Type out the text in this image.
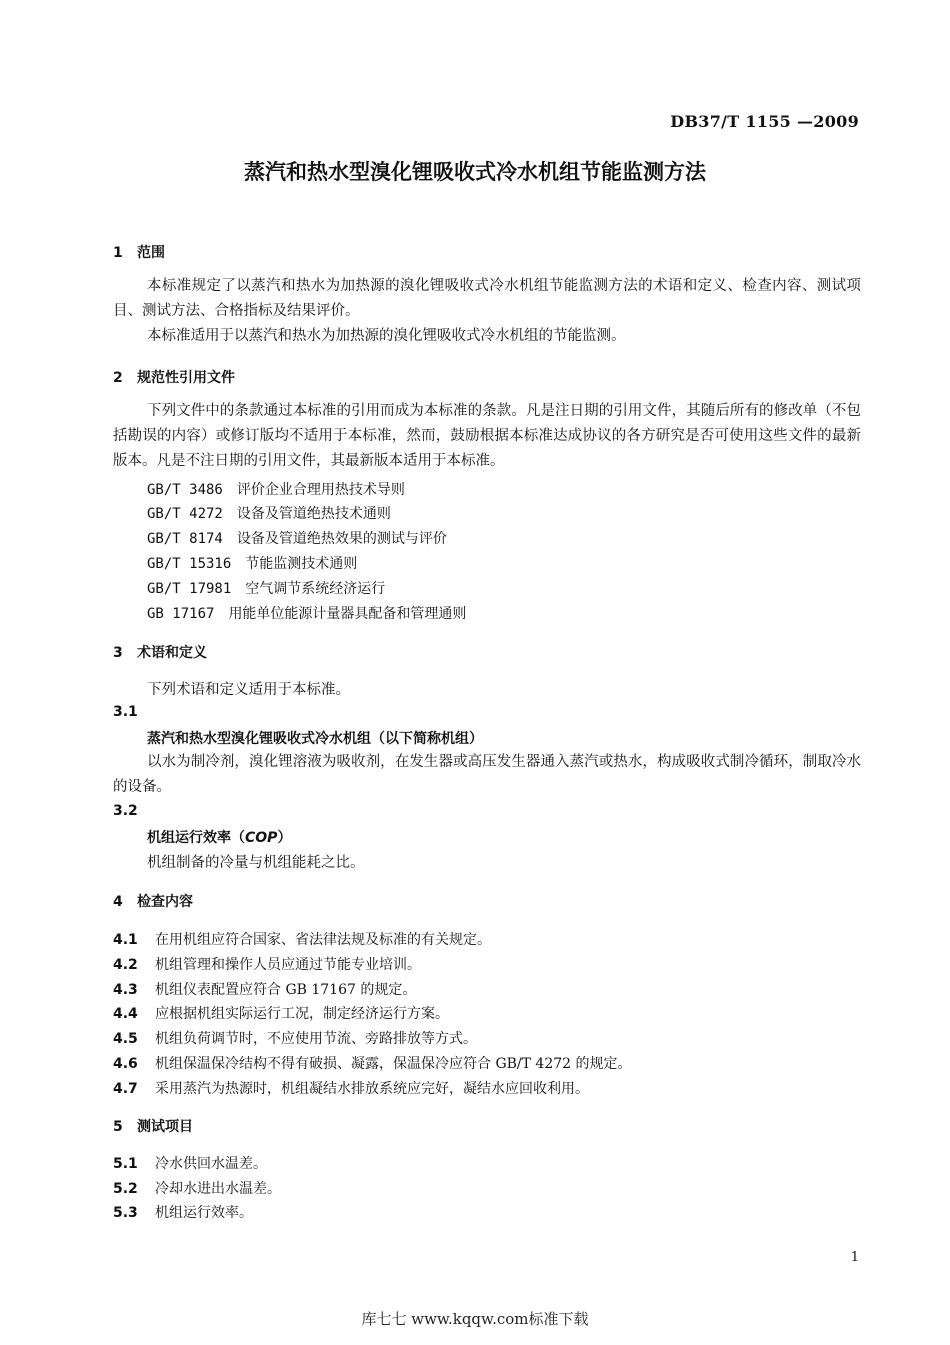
DB37/T 1155 —2009
蒸汽和热水型溴化锂吸收式冷水机组节能监测方法
1 范围
本标准规定了以蒸汽和热水为加热源的溴化锂吸收式冷水机组节能监测方法的术语和定义、检查内容、测试项目、测试方法、合格指标及结果评价。
本标准适用于以蒸汽和热水为加热源的溴化锂吸收式冷水机组的节能监测。
2 规范性引用文件
下列文件中的条款通过本标准的引用而成为本标准的条款。凡是注日期的引用文件，其随后所有的修改单（不包括勘误的内容）或修订版均不适用于本标准，然而，鼓励根据本标准达成协议的各方研究是否可使用这些文件的最新版本。凡是不注日期的引用文件，其最新版本适用于本标准。
GB/T 3486 评价企业合理用热技术导则
GB/T 4272 设备及管道绝热技术通则
GB/T 8174 设备及管道绝热效果的测试与评价
GB/T 15316 节能监测技术通则
GB/T 17981 空气调节系统经济运行
GB 17167 用能单位能源计量器具配备和管理通则
3 术语和定义
下列术语和定义适用于本标准。
3.1
蒸汽和热水型溴化锂吸收式冷水机组（以下简称机组）
以水为制冷剂，溴化锂溶液为吸收剂，在发生器或高压发生器通入蒸汽或热水，构成吸收式制冷循环，制取冷水的设备。
3.2
机组运行效率（COP）
机组制备的冷量与机组能耗之比。
4 检查内容
4.1 在用机组应符合国家、省法律法规及标准的有关规定。
4.2 机组管理和操作人员应通过节能专业培训。
4.3 机组仪表配置应符合 GB 17167 的规定。
4.4 应根据机组实际运行工况，制定经济运行方案。
4.5 机组负荷调节时，不应使用节流、旁路排放等方式。
4.6 机组保温保冷结构不得有破损、凝露，保温保冷应符合 GB/T 4272 的规定。
4.7 采用蒸汽为热源时，机组凝结水排放系统应完好，凝结水应回收利用。
5 测试项目
5.1 冷水供回水温差。
5.2 冷却水进出水温差。
5.3 机组运行效率。
1
库七七 www.kqqw.com标准下载
